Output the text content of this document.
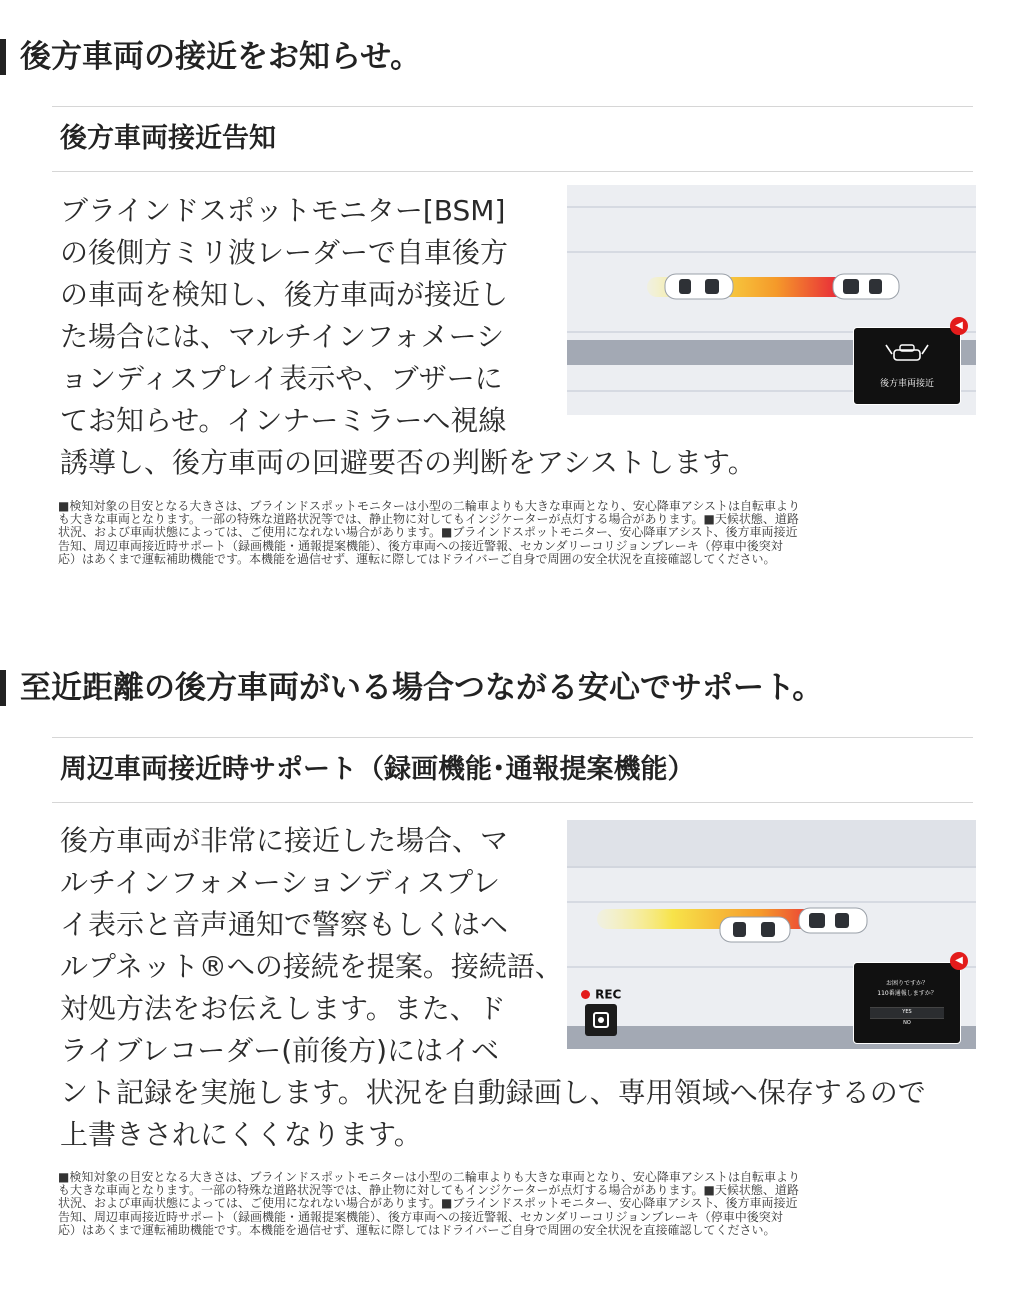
後方車両の接近をお知らせ。
後方車両接近告知
ブラインドスポットモニター[BSM]
の後側方ミリ波レーダーで自車後方
の車両を検知し、後方車両が接近し
た場合には、マルチインフォメーシ
ョンディスプレイ表示や、ブザーに
てお知らせ。インナーミラーへ視線
誘導し、後方車両の回避要否の判断をアシストします。
後方車両接近
◀
■検知対象の目安となる大きさは、ブラインドスポットモニターは小型の二輪車よりも大きな車両となり、安心降車アシストは自転車より
も大きな車両となります。一部の特殊な道路状況等では、静止物に対してもインジケーターが点灯する場合があります。■天候状態、道路
状況、および車両状態によっては、ご使用になれない場合があります。■ブラインドスポットモニター、安心降車アシスト、後方車両接近
告知、周辺車両接近時サポート（録画機能・通報提案機能）、後方車両への接近警報、セカンダリーコリジョンブレーキ（停車中後突対
応）はあくまで運転補助機能です。本機能を過信せず、運転に際してはドライバーご自身で周囲の安全状況を直接確認してください。
至近距離の後方車両がいる場合つながる安心でサポート。
周辺車両接近時サポート（録画機能･通報提案機能）
後方車両が非常に接近した場合、マ
ルチインフォメーションディスプレ
イ表示と音声通知で警察もしくはヘ
ルプネット®への接続を提案。接続語、
対処方法をお伝えします。また、ド
ライブレコーダー(前後方)にはイベ
ント記録を実施します。状況を自動録画し、専用領域へ保存するので
上書きされにくくなります。
お困りですか？
110番通報しますか？
YES
NO
◀
REC
■検知対象の目安となる大きさは、ブラインドスポットモニターは小型の二輪車よりも大きな車両となり、安心降車アシストは自転車より
も大きな車両となります。一部の特殊な道路状況等では、静止物に対してもインジケーターが点灯する場合があります。■天候状態、道路
状況、および車両状態によっては、ご使用になれない場合があります。■ブラインドスポットモニター、安心降車アシスト、後方車両接近
告知、周辺車両接近時サポート（録画機能・通報提案機能）、後方車両への接近警報、セカンダリーコリジョンブレーキ（停車中後突対
応）はあくまで運転補助機能です。本機能を過信せず、運転に際してはドライバーご自身で周囲の安全状況を直接確認してください。
